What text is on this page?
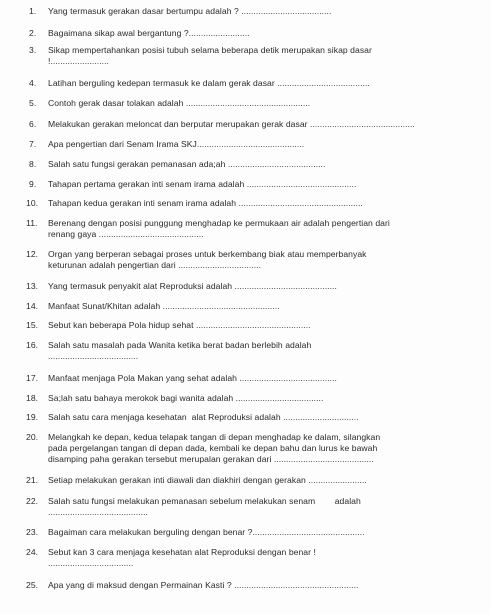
1.	Yang termasuk gerakan dasar bertumpu adalah ? .....................................
2.	Bagaimana sikap awal bergantung ?.........................
3.	Sikap mempertahankan posisi tubuh selama beberapa detik merupakan sikap dasar
!........................
4.	Latihan berguling kedepan termasuk ke dalam gerak dasar ......................................
5.	Contoh gerak dasar tolakan adalah ...................................................
6.	Melakukan gerakan meloncat dan berputar merupakan gerak dasar ...........................................
7.	Apa pengertian dari Senam Irama SKJ............................................
8.	Salah satu fungsi gerakan pemanasan ada;ah ........................................
9.	Tahapan pertama gerakan inti senam irama adalah .............................................
10.	Tahapan kedua gerakan inti senam irama adalah ...................................................
11.	Berenang dengan posisi punggung menghadap ke permukaan air adalah pengertian dari
renang gaya ...........................................
12.	Organ yang berperan sebagai proses untuk berkembang biak atau memperbanyak
keturunan adalah pengertian dari ..................................
13.	Yang termasuk penyakit alat Reproduksi adalah ..........................................
14.	Manfaat Sunat/Khitan adalah ................................................
15.	Sebut kan beberapa Pola hidup sehat ...............................................
16.	Salah satu masalah pada Wanita ketika berat badan berlebih adalah
.....................................
17.	Manfaat menjaga Pola Makan yang sehat adalah ........................................
18.	Sa;lah satu bahaya merokok bagi wanita adalah ....................................
19.	Salah satu cara menjaga kesehatan  alat Reproduksi adalah ...............................
20.	Melangkah ke depan, kedua telapak tangan di depan menghadap ke dalam, silangkan
pada pergelangan tangan di depan dada, kembali ke depan bahu dan lurus ke bawah
disamping paha gerakan tersebut merupalan gerakan dari .........................................
21.	Setiap melakukan gerakan inti diawali dan diakhiri dengan gerakan ........................
22.	Salah satu fungsi melakukan pemanasan sebelum melakukan senam        adalah
.........................................
23.	Bagaiman cara melakukan berguling dengan benar ?..............................................
24.	Sebut kan 3 cara menjaga kesehatan alat Reproduksi dengan benar !
...................................
25.	Apa yang di maksud dengan Permainan Kasti ? ...................................................
